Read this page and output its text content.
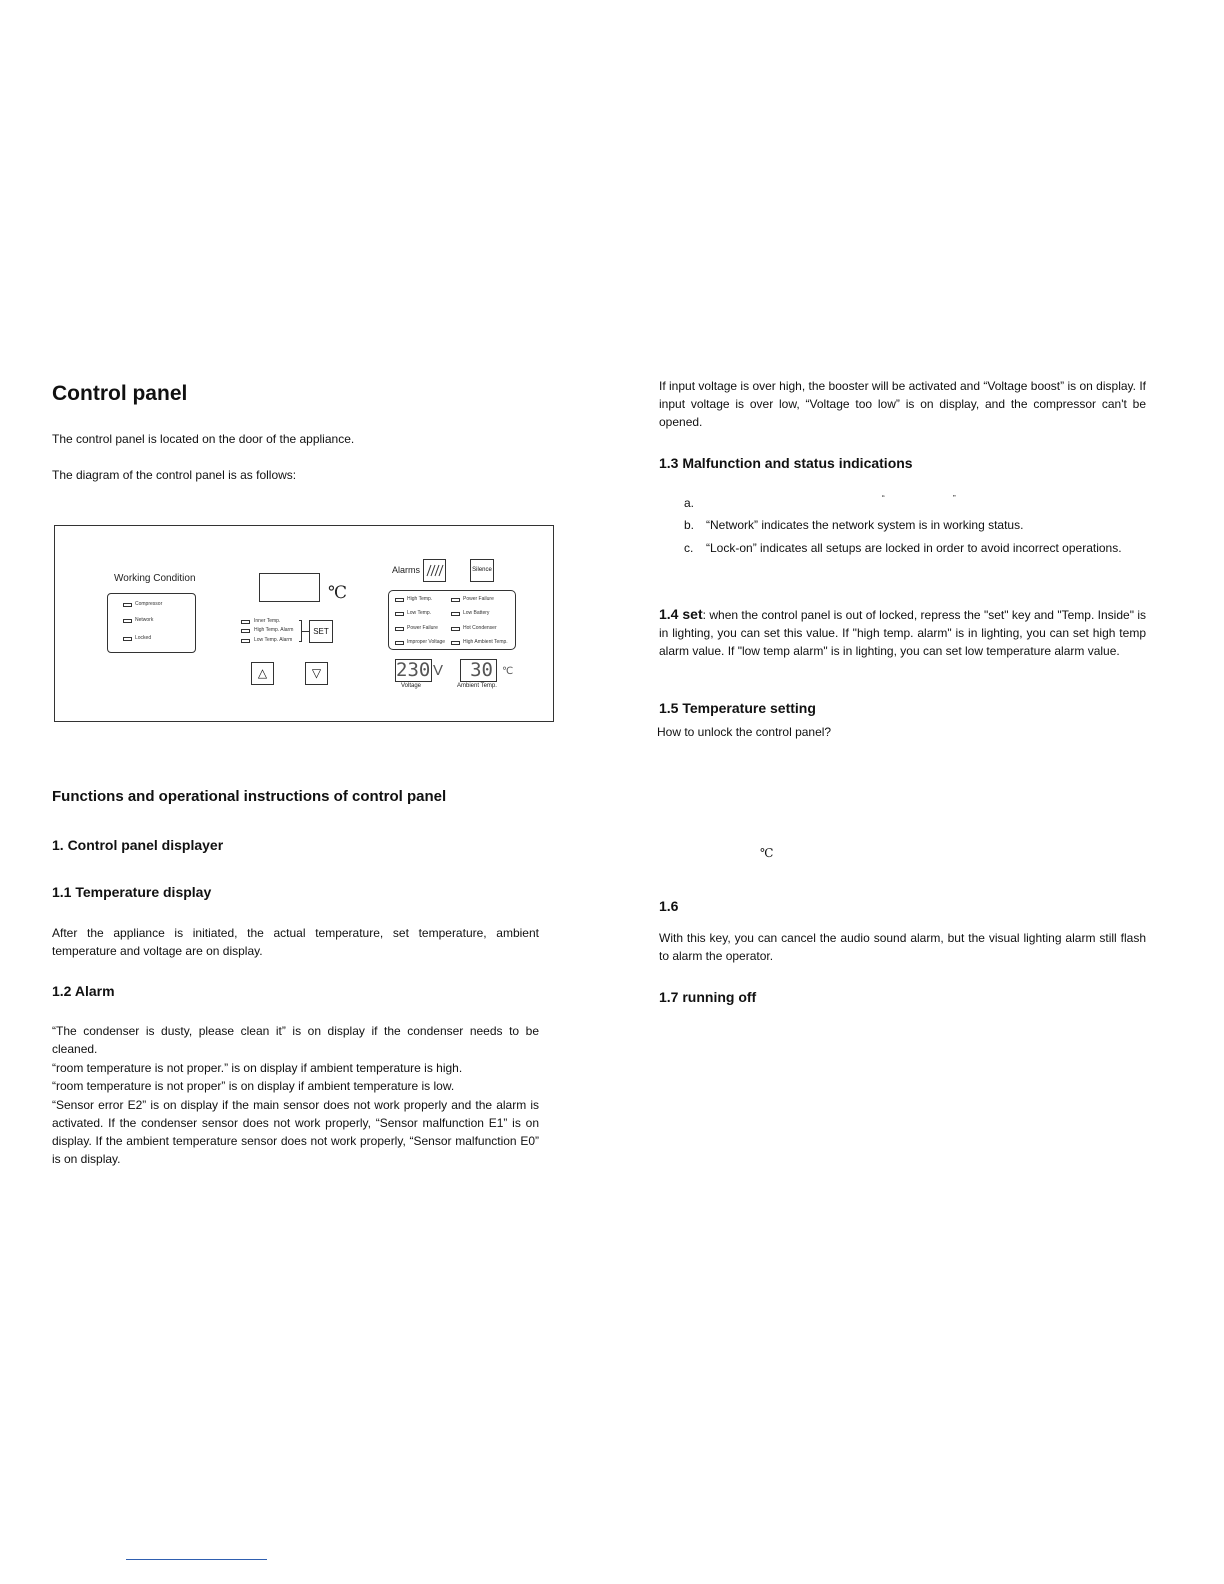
Control panel
The control panel is located on the door of the appliance.
The diagram of the control panel is as follows:
Working Condition
Compressor
Network
Locked
℃
Inner Temp.
High Temp. Alarm
Low Temp. Alarm
SET
△	▽
Alarms	Silence
High Temp.	Power Failure
Low Temp.	Low Battery
Power Failure	Hot Condenser
Improper Voltage	High Ambient Temp.
230 V
Voltage
30 ℃
Ambient Temp.
Functions and operational instructions of control panel
1. Control panel displayer
1.1 Temperature display
After the appliance is initiated, the actual temperature, set temperature, ambient temperature and voltage are on display.
1.2 Alarm
“The condenser is dusty, please clean it” is on display if the condenser needs to be cleaned.
“room temperature is not proper.” is on display if ambient temperature is high.
“room temperature is not proper” is on display if ambient temperature is low.
“Sensor error E2” is on display if the main sensor does not work properly and the alarm is activated. If the condenser sensor does not work properly, “Sensor malfunction E1” is on display. If the ambient temperature sensor does not work properly, “Sensor malfunction E0” is on display.
If input voltage is over high, the booster will be activated and “Voltage boost” is on display. If input voltage is over low, “Voltage too low” is on display, and the compressor can't be opened.
1.3 Malfunction and status indications
a.	“	”
b. “Network” indicates the network system is in working status.
c. “Lock-on” indicates all setups are locked in order to avoid incorrect operations.
1.4 set: when the control panel is out of locked, repress the "set" key and "Temp. Inside" is in lighting, you can set this value. If "high temp. alarm" is in lighting, you can set high temp alarm value. If "low temp alarm" is in lighting, you can set low temperature alarm value.
1.5 Temperature setting
How to unlock the control panel?
℃
1.6
With this key, you can cancel the audio sound alarm, but the visual lighting alarm still flash to alarm the operator.
1.7 running off
